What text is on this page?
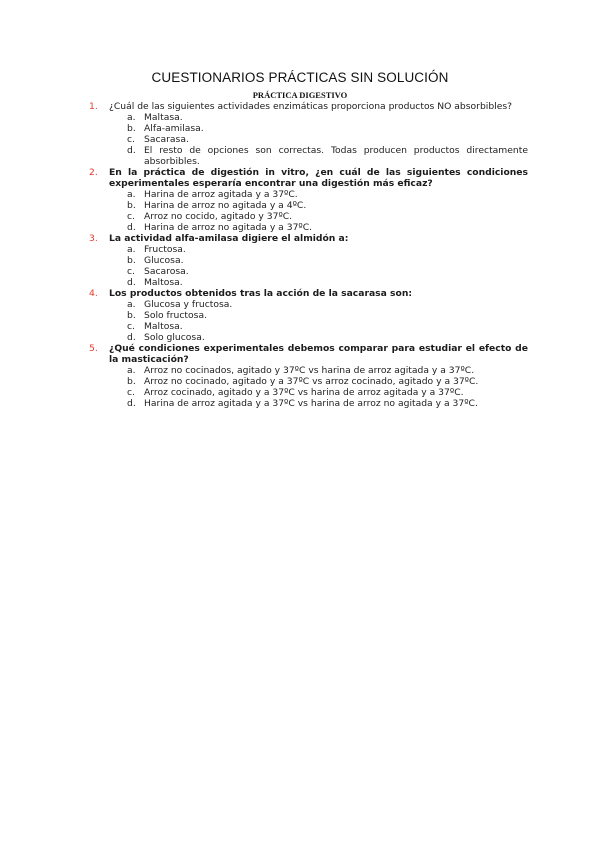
CUESTIONARIOS PRÁCTICAS SIN SOLUCIÓN
PRÁCTICA DIGESTIVO
1. ¿Cuál de las siguientes actividades enzimáticas proporciona productos NO absorbibles?

a. Maltasa.
b. Alfa-amilasa.
c. Sacarasa.
d. El resto de opciones son correctas. Todas producen productos directamente absorbibles.
2. En la práctica de digestión in vitro, ¿en cuál de las siguientes condiciones experimentales esperaría encontrar una digestión más eficaz?

a. Harina de arroz agitada y a 37ºC.
b. Harina de arroz no agitada y a 4ºC.
c. Arroz no cocido, agitado y 37ºC.
d. Harina de arroz no agitada y a 37ºC.
3. La actividad alfa-amilasa digiere el almidón a:

a. Fructosa.
b. Glucosa.
c. Sacarosa.
d. Maltosa.
4. Los productos obtenidos tras la acción de la sacarasa son:

a. Glucosa y fructosa.
b. Solo fructosa.
c. Maltosa.
d. Solo glucosa.
5. ¿Qué condiciones experimentales debemos comparar para estudiar el efecto de la masticación?

a. Arroz no cocinados, agitado y 37ºC vs harina de arroz agitada y a 37ºC.
b. Arroz no cocinado, agitado y a 37ºC vs arroz cocinado, agitado y a 37ºC.
c. Arroz cocinado, agitado y a 37ºC vs harina de arroz agitada y a 37ºC.
d. Harina de arroz agitada y a 37ºC vs harina de arroz no agitada y a 37ºC.
